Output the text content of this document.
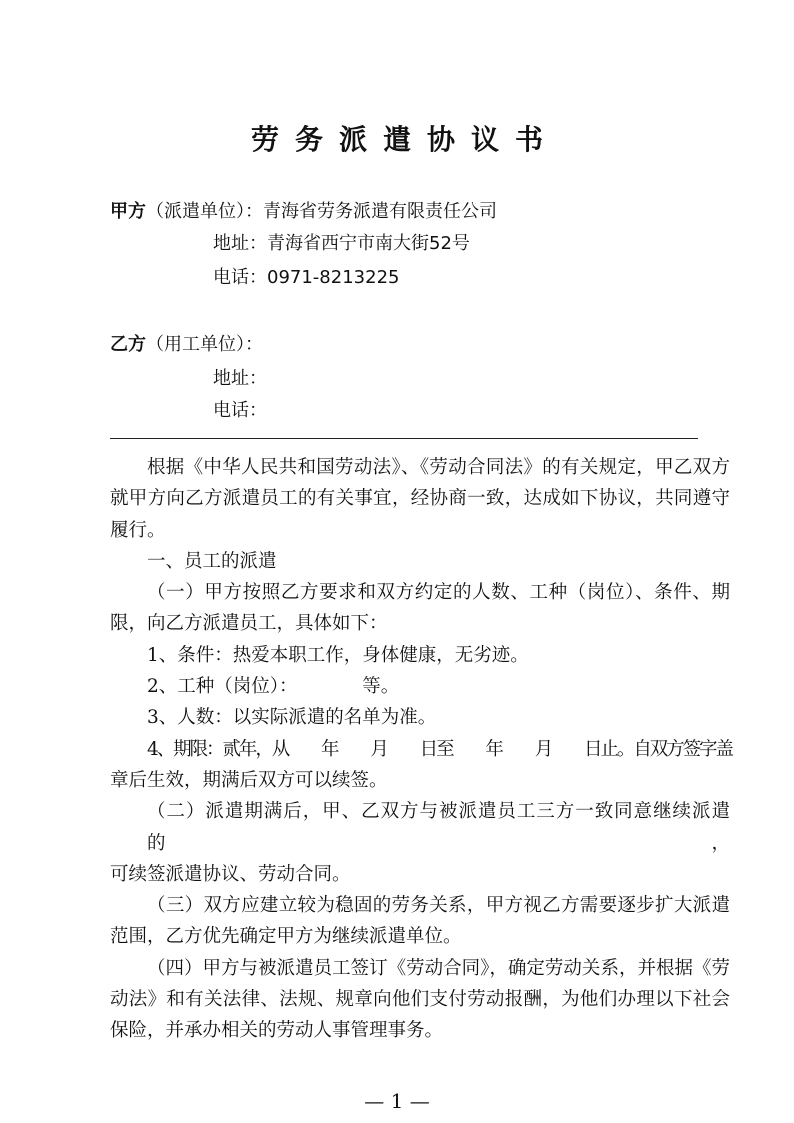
劳务派遣协议书
甲方（派遣单位）：青海省劳务派遣有限责任公司
地址：青海省西宁市南大街52号
电话：0971-8213225
乙方（用工单位）：
地址：
电话：
根据《中华人民共和国劳动法》、《劳动合同法》的有关规定，甲乙双方
就甲方向乙方派遣员工的有关事宜，经协商一致，达成如下协议，共同遵守
履行。
一、员工的派遣
（一）甲方按照乙方要求和双方约定的人数、工种（岗位）、条件、期
限，向乙方派遣员工，具体如下：
1、条件：热爱本职工作，身体健康，无劣迹。
2、工种（岗位）：           等。
3、人数：以实际派遣的名单为准。
4、期限：贰年，从　　年　　月　　日至　　年　　月　　日止。自双方签字盖
章后生效，期满后双方可以续签。
（二）派遣期满后，甲、乙双方与被派遣员工三方一致同意继续派遣的，
可续签派遣协议、劳动合同。
（三）双方应建立较为稳固的劳务关系，甲方视乙方需要逐步扩大派遣
范围，乙方优先确定甲方为继续派遣单位。
（四）甲方与被派遣员工签订《劳动合同》，确定劳动关系，并根据《劳
动法》和有关法律、法规、规章向他们支付劳动报酬，为他们办理以下社会
保险，并承办相关的劳动人事管理事务。
— 1 —
